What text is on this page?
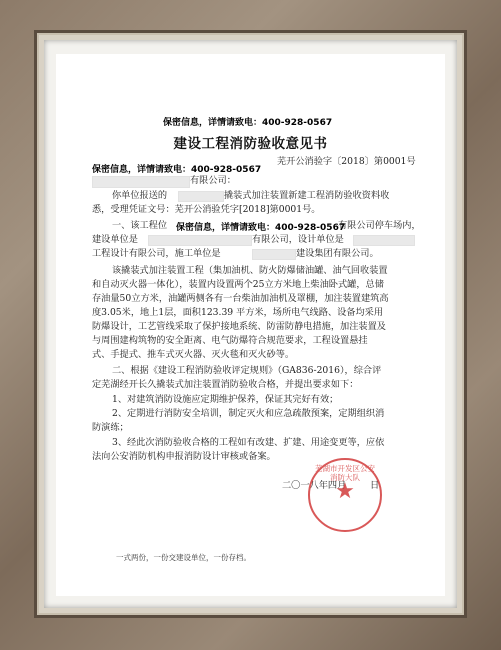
保密信息，详情请致电：400-928-0567
建设工程消防验收意见书
芜开公消验字〔2018〕第0001号
保密信息，详情请致电：400-928-0567
有限公司：
你单位报送的	撬装式加注装置新建工程消防验收资料收
悉，受理凭证文号：芜开公消验凭字[2018]第0001号。
一、该工程位 保密信息，详情请致电：400-928-0567
有限公司停车场内，
建设单位是	有限公司，设计单位是
工程设计有限公司，施工单位是	建设集团有限公司。
该撬装式加注装置工程（集加油机、防火防爆储油罐、油气回收装置
和自动灭火器一体化），装置内设置两个25立方米地上柴油卧式罐，总储
存油量50立方米，油罐两侧各有一台柴油加油机及罩棚，加注装置建筑高
度3.05米，地上1层，面积123.39 平方米，场所电气线路、设备均采用
防爆设计，工艺管线采取了保护接地系统、防雷防静电措施，加注装置及
与周围建构筑物的安全距离、电气防爆符合规范要求，工程设置悬挂
式、手提式、推车式灭火器、灭火毯和灭火砂等。
二、根据《建设工程消防验收评定规则》（GA836-2016），综合评
定芜湖经开长久撬装式加注装置消防验收合格，并提出要求如下：
1、对建筑消防设施应定期维护保养，保证其完好有效；
2、定期进行消防安全培训，制定灭火和应急疏散预案，定期组织消
防演练；
3、经此次消防验收合格的工程如有改建、扩建、用途变更等，应依
法向公安消防机构申报消防设计审核或备案。
二〇一八年四月	日
芜湖市开发区公安消防大队
★
一式两份，一份交建设单位，一份存档。
